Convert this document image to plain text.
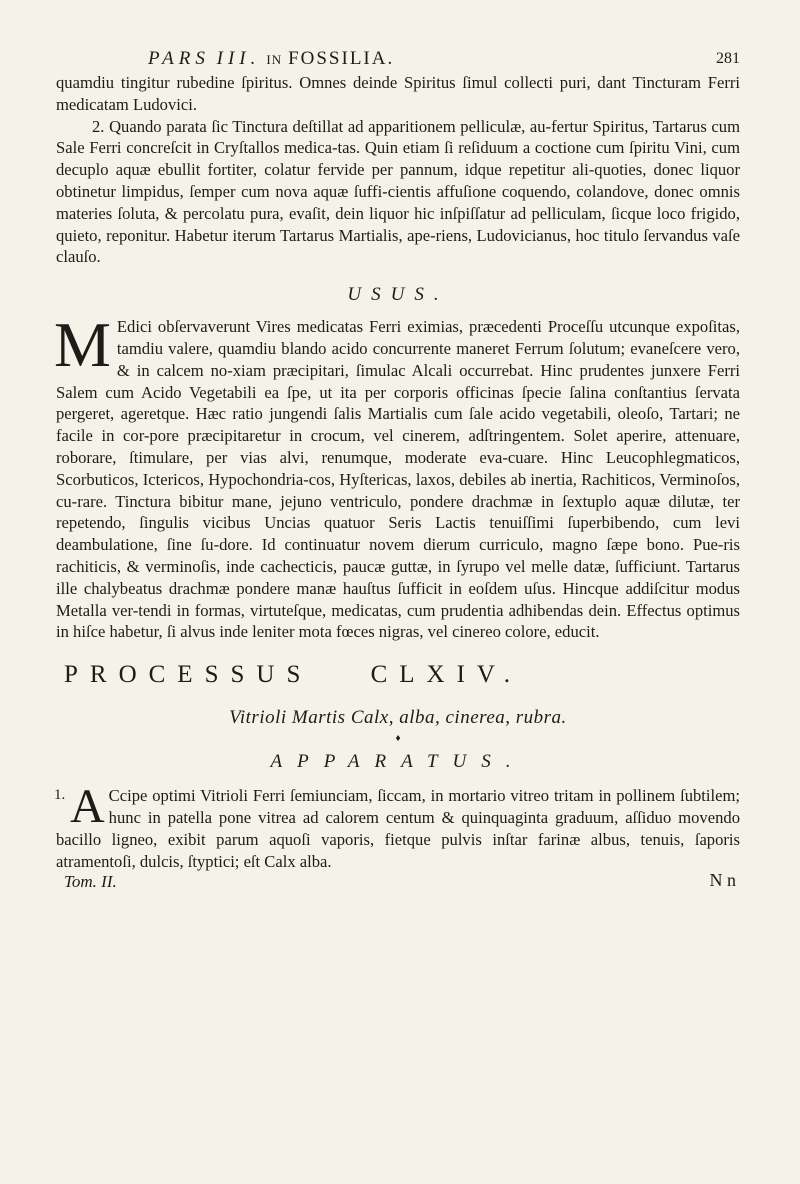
PARS III. IN FOSSILIA.	281

quamdiu tingitur rubedine ſpiritus. Omnes deinde Spiritus ſimul collecti puri, dant Tincturam Ferri medicatam Ludovici.

2. Quando parata ſic Tinctura deſtillat ad apparitionem pelliculæ, au-fertur Spiritus, Tartarus cum Sale Ferri concreſcit in Cryſtallos medica-tas. Quin etiam ſi reſiduum a coctione cum ſpiritu Vini, cum decuplo aquæ ebullit fortiter, colatur fervide per pannum, idque repetitur ali-quoties, donec liquor obtinetur limpidus, ſemper cum nova aquæ ſuffi-cientis affuſione coquendo, colandove, donec omnis materies ſoluta, & percolatu pura, evaſit, dein liquor hic inſpiſſatur ad pelliculam, ſicque loco frigido, quieto, reponitur. Habetur iterum Tartarus Martialis, ape-riens, Ludovicianus, hoc titulo ſervandus vaſe clauſo.

USUS.

M Edici obſervaverunt Vires medicatas Ferri eximias, præcedenti Proceſſu utcunque expoſitas, tamdiu valere, quamdiu blando acido concurrente maneret Ferrum ſolutum; evaneſcere vero, & in calcem no-xiam præcipitari, ſimulac Alcali occurrebat. Hinc prudentes junxere Ferri Salem cum Acido Vegetabili ea ſpe, ut ita per corporis officinas ſpecie ſalina conſtantius ſervata pergeret, ageretque. Hæc ratio jungendi ſalis Martialis cum ſale acido vegetabili, oleoſo, Tartari; ne facile in cor-pore præcipitaretur in crocum, vel cinerem, adſtringentem. Solet aperire, attenuare, roborare, ſtimulare, per vias alvi, renumque, moderate eva-cuare. Hinc Leucophlegmaticos, Scorbuticos, Ictericos, Hypochondria-cos, Hyſtericas, laxos, debiles ab inertia, Rachiticos, Verminoſos, cu-rare. Tinctura bibitur mane, jejuno ventriculo, pondere drachmæ in ſextuplo aquæ dilutæ, ter repetendo, ſingulis vicibus Uncias quatuor Seris Lactis tenuiſſimi ſuperbibendo, cum levi deambulatione, ſine ſu-dore. Id continuatur novem dierum curriculo, magno ſæpe bono. Pue-ris rachiticis, & verminoſis, inde cachecticis, paucæ guttæ, in ſyrupo vel melle datæ, ſufficiunt. Tartarus ille chalybeatus drachmæ pondere manæ hauſtus ſufficit in eoſdem uſus. Hincque addiſcitur modus Metalla ver-tendi in formas, virtuteſque, medicatas, cum prudentia adhibendas dein. Effectus optimus in hiſce habetur, ſi alvus inde leniter mota fœces nigras, vel cinereo colore, educit.

PROCESSUS CLXIV.
Vitrioli Martis Calx, alba, cinerea, rubra.

♦

APPARATUS.

1. A Ccipe optimi Vitrioli Ferri ſemiunciam, ſiccam, in mortario vitreo tritam in pollinem ſubtilem; hunc in patella pone vitrea ad calorem centum & quinquaginta graduum, aſſiduo movendo bacillo ligneo, exibit parum aquoſi vaporis, fietque pulvis inſtar farinæ albus, tenuis, ſaporis atramentoſi, dulcis, ſtyptici; eſt Calx alba.

Tom. II.	N n
